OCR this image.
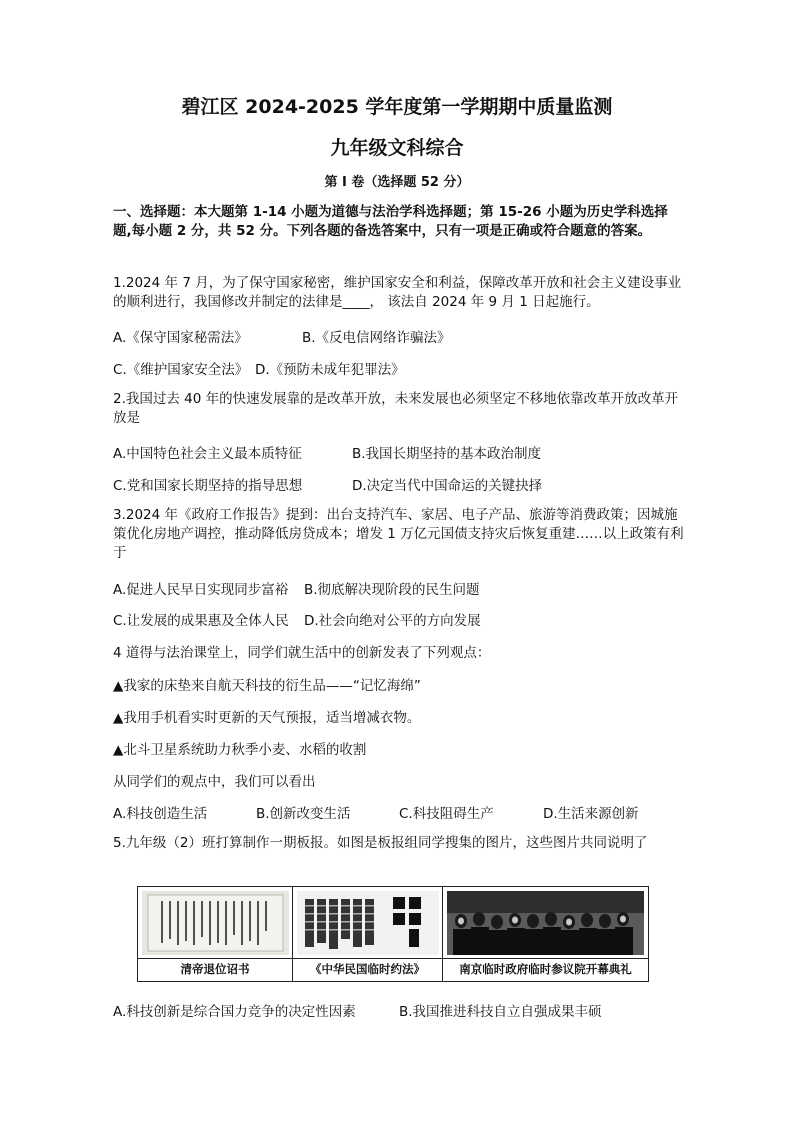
碧江区 2024-2025 学年度第一学期期中质量监测
九年级文科综合
第 I 卷（选择题 52 分）
一、选择题：本大题第 1-14 小题为道德与法治学科选择题；第 15-26 小题为历史学科选择题,每小题 2 分，共 52 分。下列各题的备选答案中，只有一项是正确或符合题意的答案。
1.2024 年 7 月，为了保守国家秘密，维护国家安全和利益，保障改革开放和社会主义建设事业的顺利进行，我国修改并制定的法律是____， 该法自 2024 年 9 月 1 日起施行。
A.《保守国家秘需法》	B.《反电信网络诈骗法》
C.《维护国家安全法》 D.《预防未成年犯罪法》
2.我国过去 40 年的快速发展靠的是改革开放，未来发展也必须坚定不移地依靠改革开放改革开放是
A.中国特色社会主义最本质特征	B.我国长期坚持的基本政治制度
C.党和国家长期坚持的指导思想	D.决定当代中国命运的关键抉择
3.2024 年《政府工作报告》提到：出台支持汽车、家居、电子产品、旅游等消费政策；因城施策优化房地产调控，推动降低房贷成本；增发 1 万亿元国债支持灾后恢复重建……以上政策有利于
A.促进人民早日实现同步富裕 B.彻底解决现阶段的民生问题
C.让发展的成果惠及全体人民 D.社会向绝对公平的方向发展
4 道得与法治课堂上，同学们就生活中的创新发表了下列观点：
▲我家的床垫来自航天科技的衍生品——“记忆海绵”
▲我用手机看实时更新的天气预报，适当增减衣物。
▲北斗卫星系统助力秋季小麦、水稻的收割
从同学们的观点中，我们可以看出
A.科技创造生活	B.创新改变生活	C.科技阻碍生产	D.生活来源创新
5.九年级（2）班打算制作一期板报。如图是板报组同学搜集的图片，这些图片共同说明了
清帝退位诏书	《中华民国临时约法》	南京临时政府临时参议院开幕典礼
A.科技创新是综合国力竞争的决定性因素	B.我国推进科技自立自强成果丰硕
